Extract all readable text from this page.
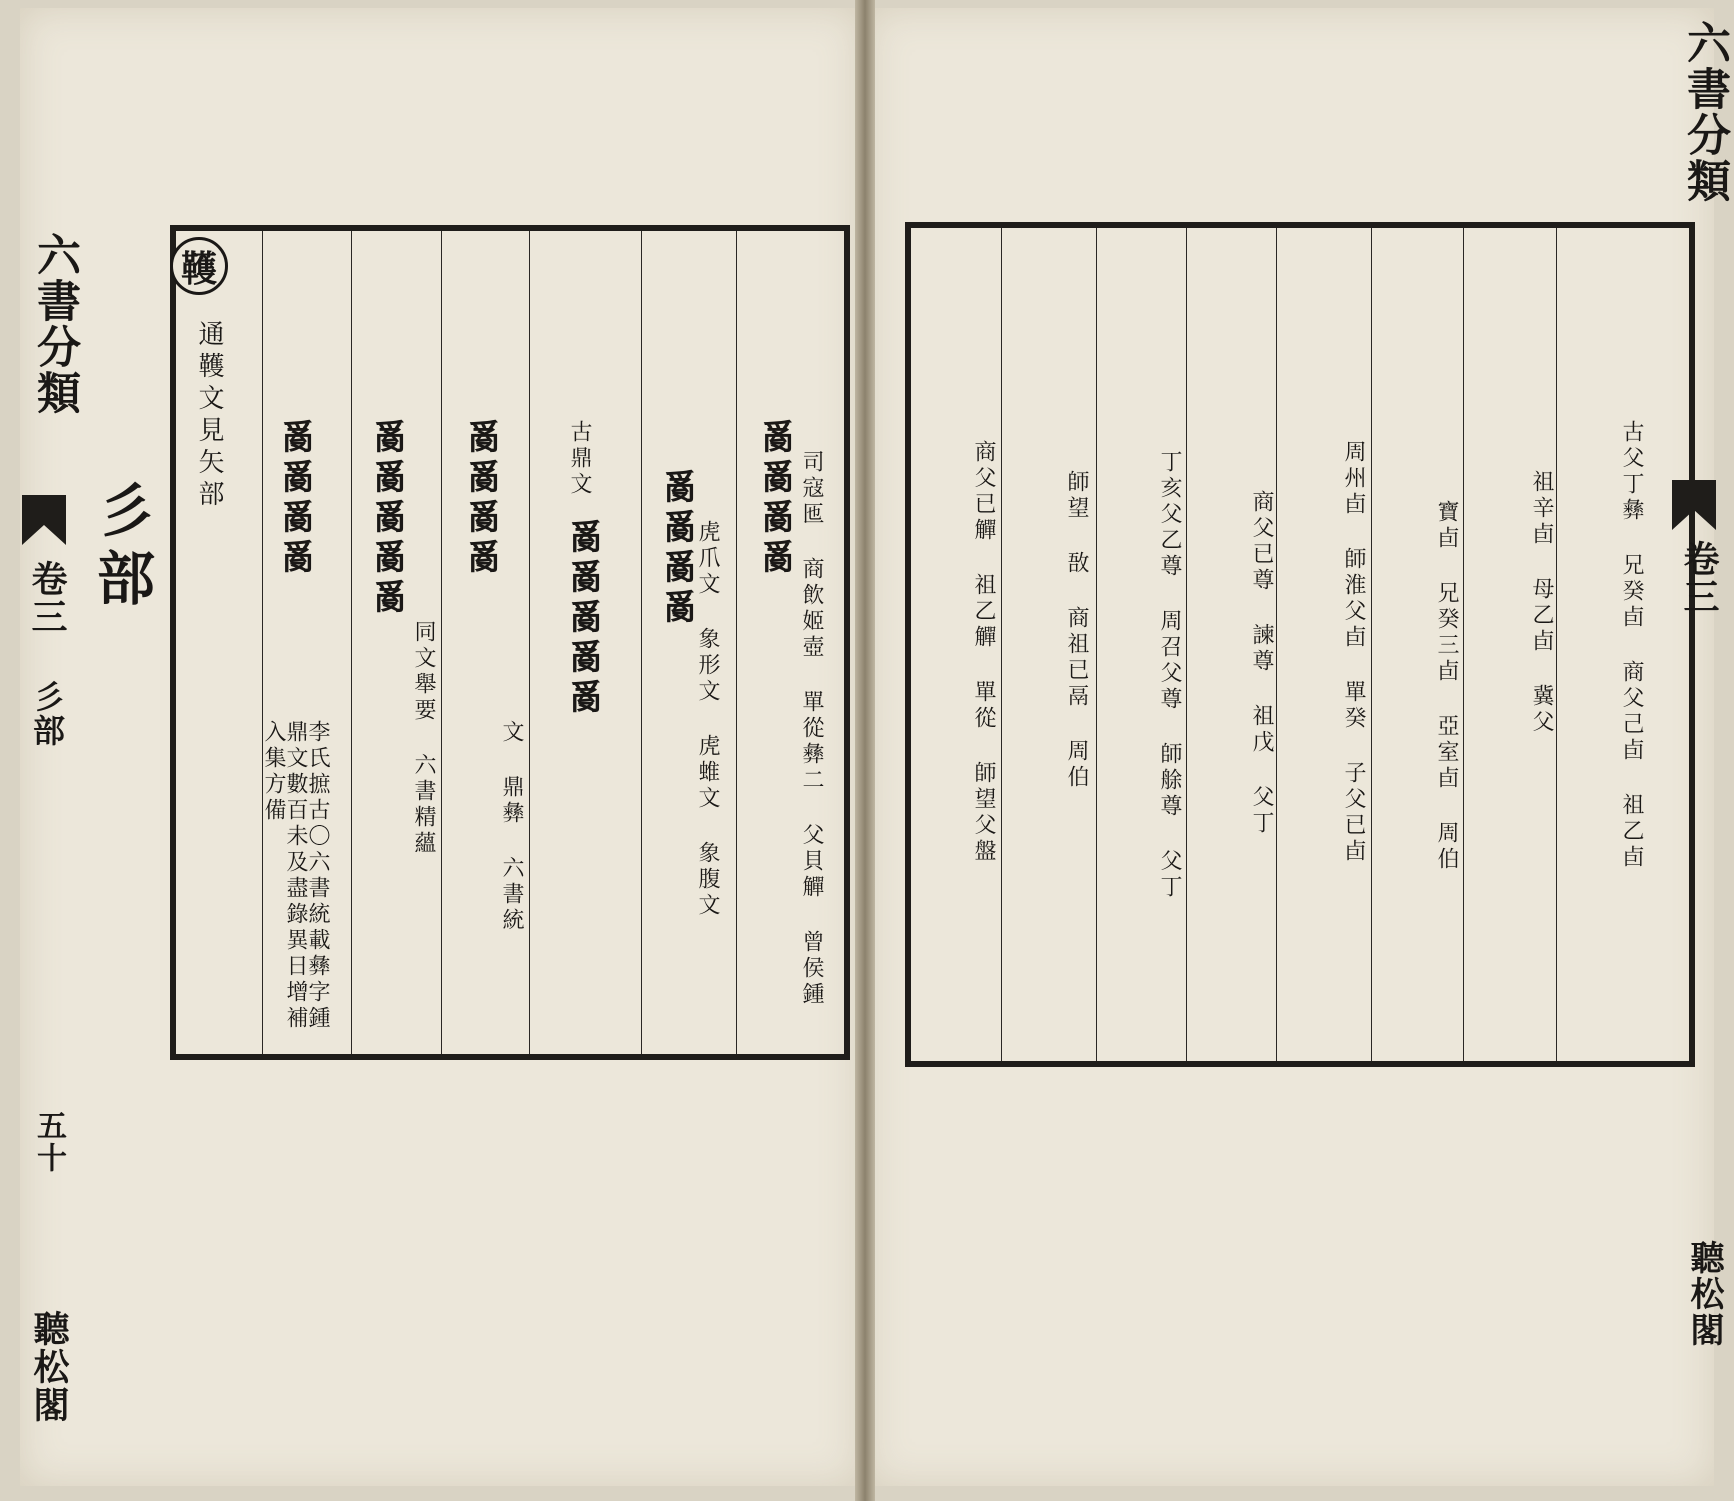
六書分類
卷三
彡部
五十
聽松閣
彡部
韄
通韄文見矢部 𤔔𤔔𤔔𤔔
李氏摭古〇六書統載彝字鍾鼎文數百未及盡錄異日增補入集方備
𤔔𤔔𤔔𤔔𤔔
同文舉要 六書精蘊
𤔔𤔔𤔔𤔔
文 鼎彝 六書統
𤔔𤔔𤔔𤔔𤔔
古鼎文
𤔔𤔔𤔔𤔔
虎爪文 象形文 虎蜼文 象腹文
𤔔𤔔𤔔𤔔 司寇匜 商飲姬壺 單從彝二 父貝觶 曾侯鍾	古父丁彝 兄癸卣 商父己卣 祖乙卣
祖辛卣 母乙卣 冀父
寶卣 兄癸三卣 亞室卣 周伯
周州卣 師淮父卣 單癸 子父已卣
商父已尊 諫尊 祖戊 父丁
丁亥父乙尊 周召父尊 師艅尊 父丁
師望 敔 商祖已鬲 周伯
商父已觶 祖乙觶 單從 師望父盤
六書分類
卷三
聽松閣
